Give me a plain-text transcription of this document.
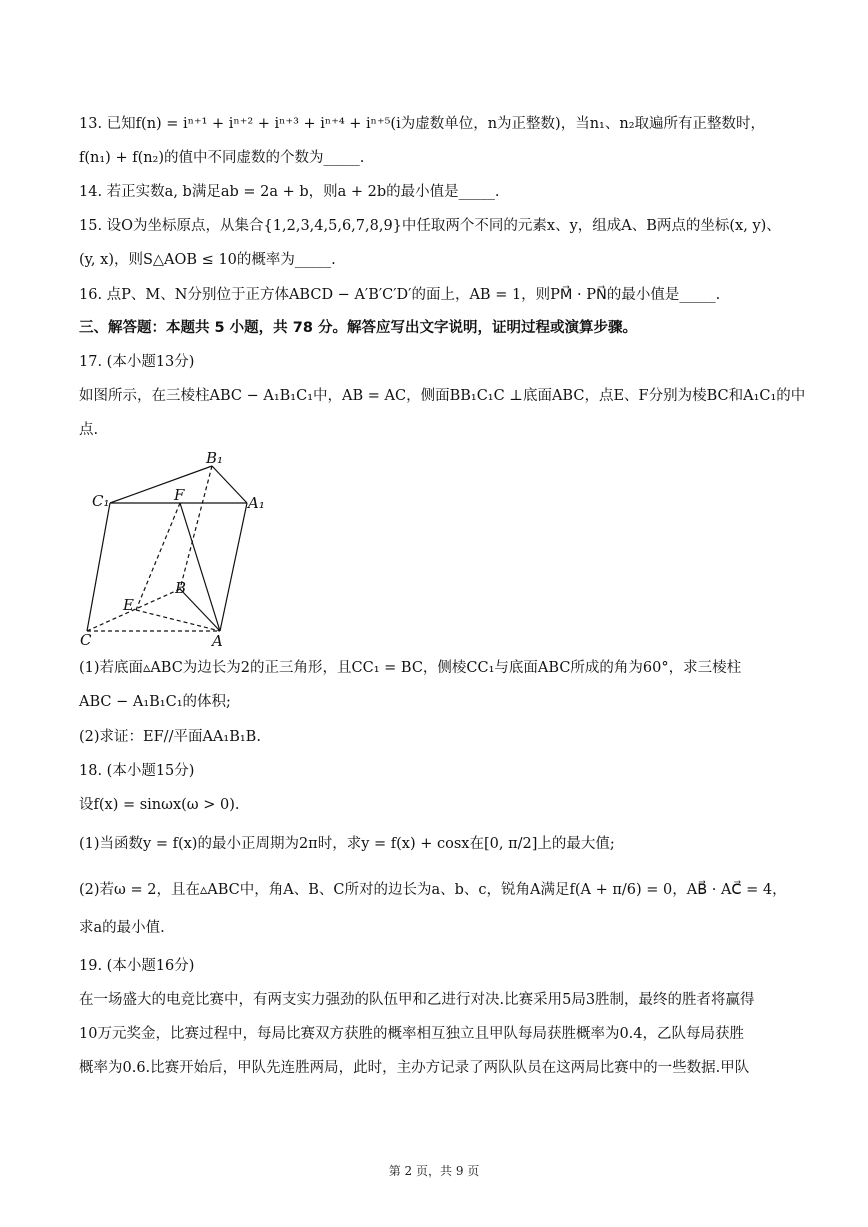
13. 已知f(n) = iⁿ⁺¹ + iⁿ⁺² + iⁿ⁺³ + iⁿ⁺⁴ + iⁿ⁺⁵(i为虚数单位，n为正整数)，当n₁、n₂取遍所有正整数时，
f(n₁) + f(n₂)的值中不同虚数的个数为_____.
14. 若正实数a, b满足ab = 2a + b，则a + 2b的最小值是_____.
15. 设O为坐标原点，从集合{1,2,3,4,5,6,7,8,9}中任取两个不同的元素x、y，组成A、B两点的坐标(x, y)、
(y, x)，则S△AOB ≤ 10的概率为_____.
16. 点P、M、N分别位于正方体ABCD − A′B′C′D′的面上，AB = 1，则PM⃗ · PN⃗的最小值是_____.
三、解答题：本题共 5 小题，共 78 分。解答应写出文字说明，证明过程或演算步骤。
17. (本小题13分)
如图所示，在三棱柱ABC − A₁B₁C₁中，AB = AC，侧面BB₁C₁C ⊥底面ABC，点E、F分别为棱BC和A₁C₁的中
点.
B₁
C₁	F	A₁
B
E
C	A
(1)若底面▵ABC为边长为2的正三角形，且CC₁ = BC，侧棱CC₁与底面ABC所成的角为60°，求三棱柱
ABC − A₁B₁C₁的体积;
(2)求证：EF//平面AA₁B₁B.
18. (本小题15分)
设f(x) = sinωx(ω > 0).
(1)当函数y = f(x)的最小正周期为2π时，求y = f(x) + cosx在[0, π/2]上的最大值;
(2)若ω = 2，且在▵ABC中，角A、B、C所对的边长为a、b、c，锐角A满足f(A + π/6) = 0，AB⃗ · AC⃗ = 4，
求a的最小值.
19. (本小题16分)
在一场盛大的电竞比赛中，有两支实力强劲的队伍甲和乙进行对决.比赛采用5局3胜制，最终的胜者将赢得
10万元奖金，比赛过程中，每局比赛双方获胜的概率相互独立且甲队每局获胜概率为0.4，乙队每局获胜
概率为0.6.比赛开始后，甲队先连胜两局，此时，主办方记录了两队队员在这两局比赛中的一些数据.甲队
第 2 页，共 9 页
